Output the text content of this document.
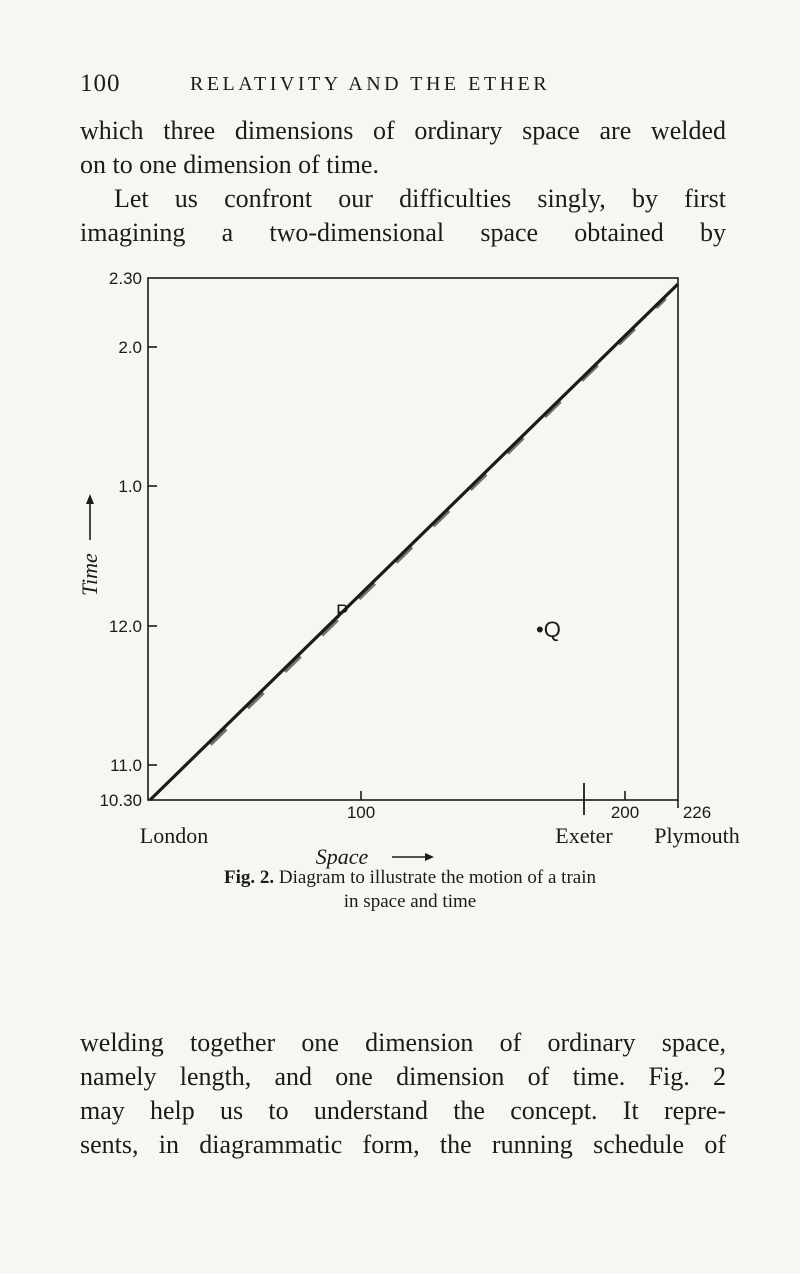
100	RELATIVITY AND THE ETHER

which three dimensions of ordinary space are welded
on to one dimension of time.
Let us confront our difficulties singly, by first
imagining a two-dimensional space obtained by

2.30
2.0
1.0
12.0
11.0
10.30
Time
100	200	226
London	Exeter Plymouth
Space
P
•Q
Fig. 2. Diagram to illustrate the motion of a train
in space and time

welding together one dimension of ordinary space,
namely length, and one dimension of time. Fig. 2
may help us to understand the concept. It repre-
sents, in diagrammatic form, the running schedule of
